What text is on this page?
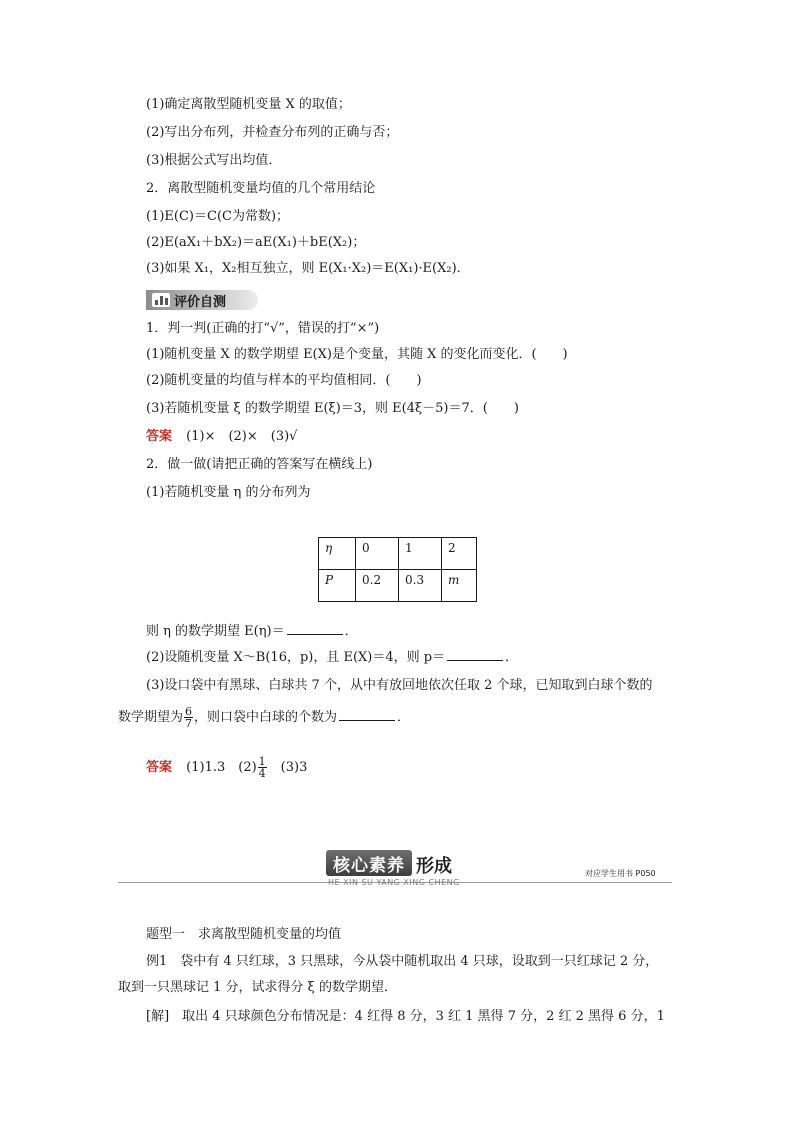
(1)确定离散型随机变量 X 的取值；
(2)写出分布列，并检查分布列的正确与否；
(3)根据公式写出均值．
2．离散型随机变量均值的几个常用结论
(1)E(C)＝C(C为常数)；
(2)E(aX₁＋bX₂)＝aE(X₁)＋bE(X₂)；
(3)如果 X₁，X₂相互独立，则 E(X₁·X₂)＝E(X₁)·E(X₂)．
评价自测
1．判一判(正确的打“√”，错误的打“×”)
(1)随机变量 X 的数学期望 E(X)是个变量，其随 X 的变化而变化．(　　)
(2)随机变量的均值与样本的平均值相同．(　　)
(3)若随机变量 ξ 的数学期望 E(ξ)＝3，则 E(4ξ－5)＝7．(　　)
答案 (1)×　(2)×　(3)√
2．做一做(请把正确的答案写在横线上)
(1)若随机变量 η 的分布列为
η	0	1	2
P	0.2	0.3	m
则 η 的数学期望 E(η)＝	．
(2)设随机变量 X～B(16，p)，且 E(X)＝4，则 p＝	．
(3)设口袋中有黑球、白球共 7 个，从中有放回地依次任取 2 个球，已知取到白球个数的
数学期望为 $\frac{6}{7}$ ，则口袋中白球的个数为	．
答案 (1)1.3　$(2) \frac{1}{4}$ 　(3)3
核心素养 形成
HE XIN SU YANG XING CHENG
对应学生用书 P050
题型一　求离散型随机变量的均值
例1　袋中有 4 只红球，3 只黑球，今从袋中随机取出 4 只球，设取到一只红球记 2 分，
取到一只黑球记 1 分，试求得分 ξ 的数学期望．
[解]　取出 4 只球颜色分布情况是：4 红得 8 分，3 红 1 黑得 7 分，2 红 2 黑得 6 分，1
